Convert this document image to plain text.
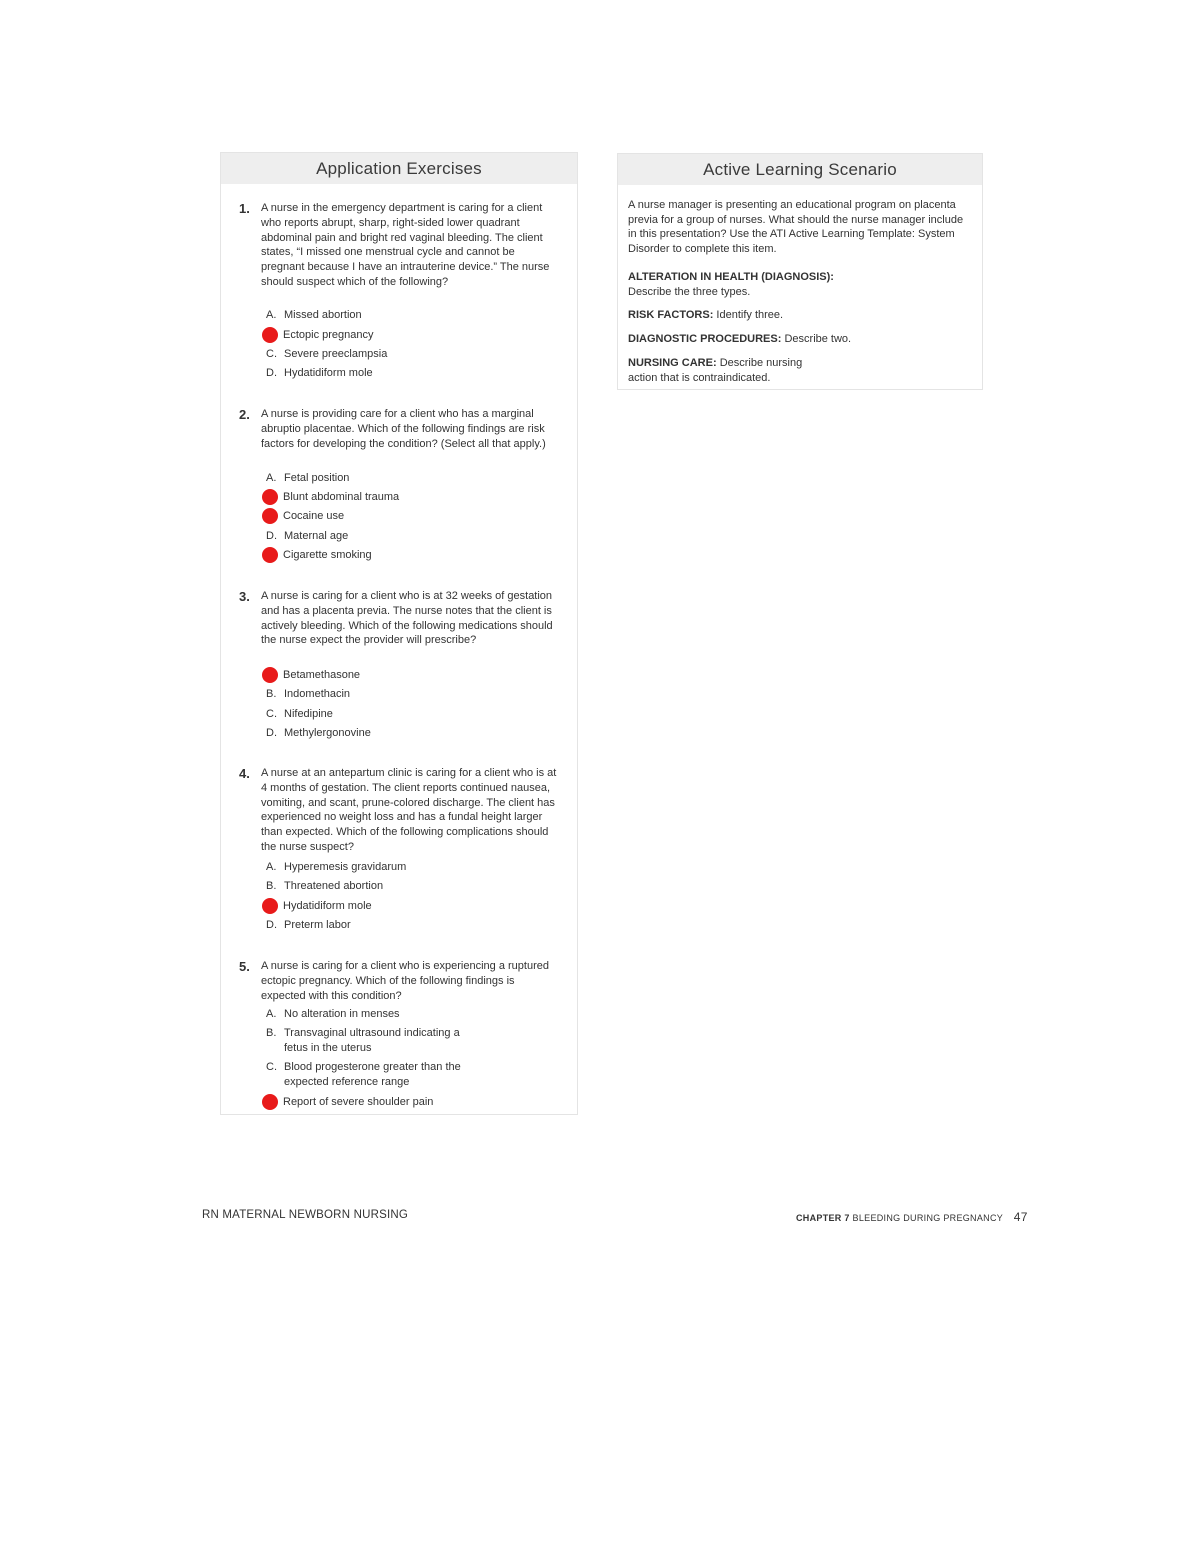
Application Exercises
1. A nurse in the emergency department is caring for a client who reports abrupt, sharp, right-sided lower quadrant abdominal pain and bright red vaginal bleeding. The client states, “I missed one menstrual cycle and cannot be pregnant because I have an intrauterine device.” The nurse should suspect which of the following?
A. Missed abortion
Ectopic pregnancy
C. Severe preeclampsia
D. Hydatidiform mole
2. A nurse is providing care for a client who has a marginal abruptio placentae. Which of the following findings are risk factors for developing the condition? (Select all that apply.)
A. Fetal position
Blunt abdominal trauma
Cocaine use
D. Maternal age
Cigarette smoking
3. A nurse is caring for a client who is at 32 weeks of gestation and has a placenta previa. The nurse notes that the client is actively bleeding. Which of the following medications should the nurse expect the provider will prescribe?
Betamethasone
B. Indomethacin
C. Nifedipine
D. Methylergonovine
4. A nurse at an antepartum clinic is caring for a client who is at 4 months of gestation. The client reports continued nausea, vomiting, and scant, prune-colored discharge. The client has experienced no weight loss and has a fundal height larger than expected. Which of the following complications should the nurse suspect?
A. Hyperemesis gravidarum
B. Threatened abortion
Hydatidiform mole
D. Preterm labor
5. A nurse is caring for a client who is experiencing a ruptured ectopic pregnancy. Which of the following findings is expected with this condition?
A. No alteration in menses
B. Transvaginal ultrasound indicating a fetus in the uterus
C. Blood progesterone greater than the expected reference range
Report of severe shoulder pain
Active Learning Scenario
A nurse manager is presenting an educational program on placenta previa for a group of nurses. What should the nurse manager include in this presentation? Use the ATI Active Learning Template: System Disorder to complete this item.
ALTERATION IN HEALTH (DIAGNOSIS):
Describe the three types.
RISK FACTORS: Identify three.
DIAGNOSTIC PROCEDURES: Describe two.
NURSING CARE: Describe nursing action that is contraindicated.
RN MATERNAL NEWBORN NURSING	CHAPTER 7 BLEEDING DURING PREGNANCY 47
